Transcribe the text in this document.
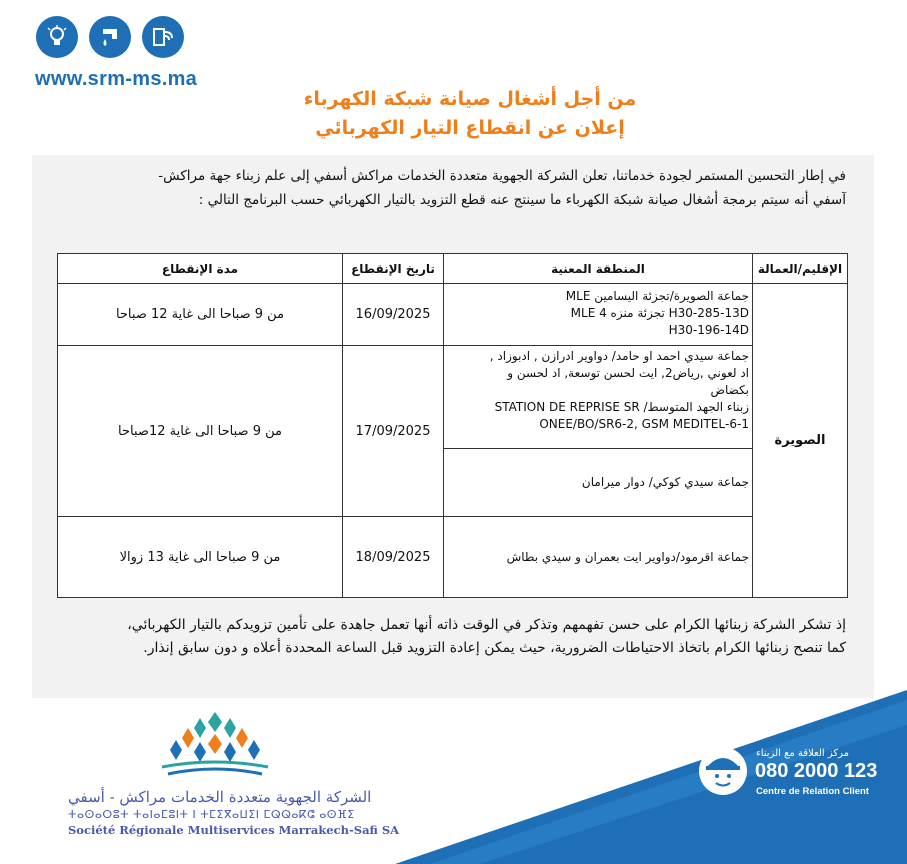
www.srm-ms.ma
من أجل أشغال صيانة شبكة الكهرباء
إعلان عن انقطاع التيار الكهربائي
في إطار التحسين المستمر لجودة خدماتنا، تعلن الشركة الجهوية متعددة الخدمات مراكش أسفي إلى علم زبناء جهة مراكش-
آسفي أنه سيتم برمجة أشغال صيانة شبكة الكهرباء ما سينتج عنه قطع التزويد بالتيار الكهربائي حسب البرنامج التالي :
الإقليم/العمالة	المنطقة المعنية	تاريخ الإنقطاع	مدة الإنقطاع
الصويرة	جماعة الصويرة/تجزئة اليسامين MLE
H30-285-13D تجزئة منزه MLE 4
H30-196-14D	16/09/2025	من 9 صباحا الى غاية 12 صباحا

	جماعة سيدي احمد او حامد/ دواوير ادرازن , ادبوزاد ,
اد لعوني ,رياض2, ايت لحسن توسعة, اد لحسن و
بكضاض
زبناء الجهد المتوسط/ STATION DE REPRISE SR
6-1-ONEE/BO/SR6-2, GSM MEDITEL	17/09/2025	من 9 صباحا الى غاية 12صباحا

	جماعة سيدي كوكي/ دوار ميرامان		

	جماعة اقرمود/دواوير ايت بعمران و سيدي بطاش	18/09/2025	من 9 صباحا الى غاية 13 زوالا
إذ تشكر الشركة زبنائها الكرام على حسن تفهمهم وتذكر في الوقت ذاته أنها تعمل جاهدة على تأمين تزويدكم بالتيار الكهربائي،
كما تنصح زبنائها الكرام باتخاذ الاحتياطات الضرورية، حيث يمكن إعادة التزويد قبل الساعة المحددة أعلاه و دون سابق إنذار.
الشركة الجهوية متعددة الخدمات مراكش - أسفي
ⵜⴰⵙⴰⵔⵓⵜ ⵜⴰⵏⴰⵎⵓⵏⵜ ⵏ ⵜⵎⵉⴳⴰⵡⵉⵏ ⵎⵕⵕⴰⴽⵛ ⴰⵙⴼⵉ
Société Régionale Multiservices Marrakech-Safi SA
مركز العلاقة مع الزبناء
080 2000 123
Centre de Relation Client
